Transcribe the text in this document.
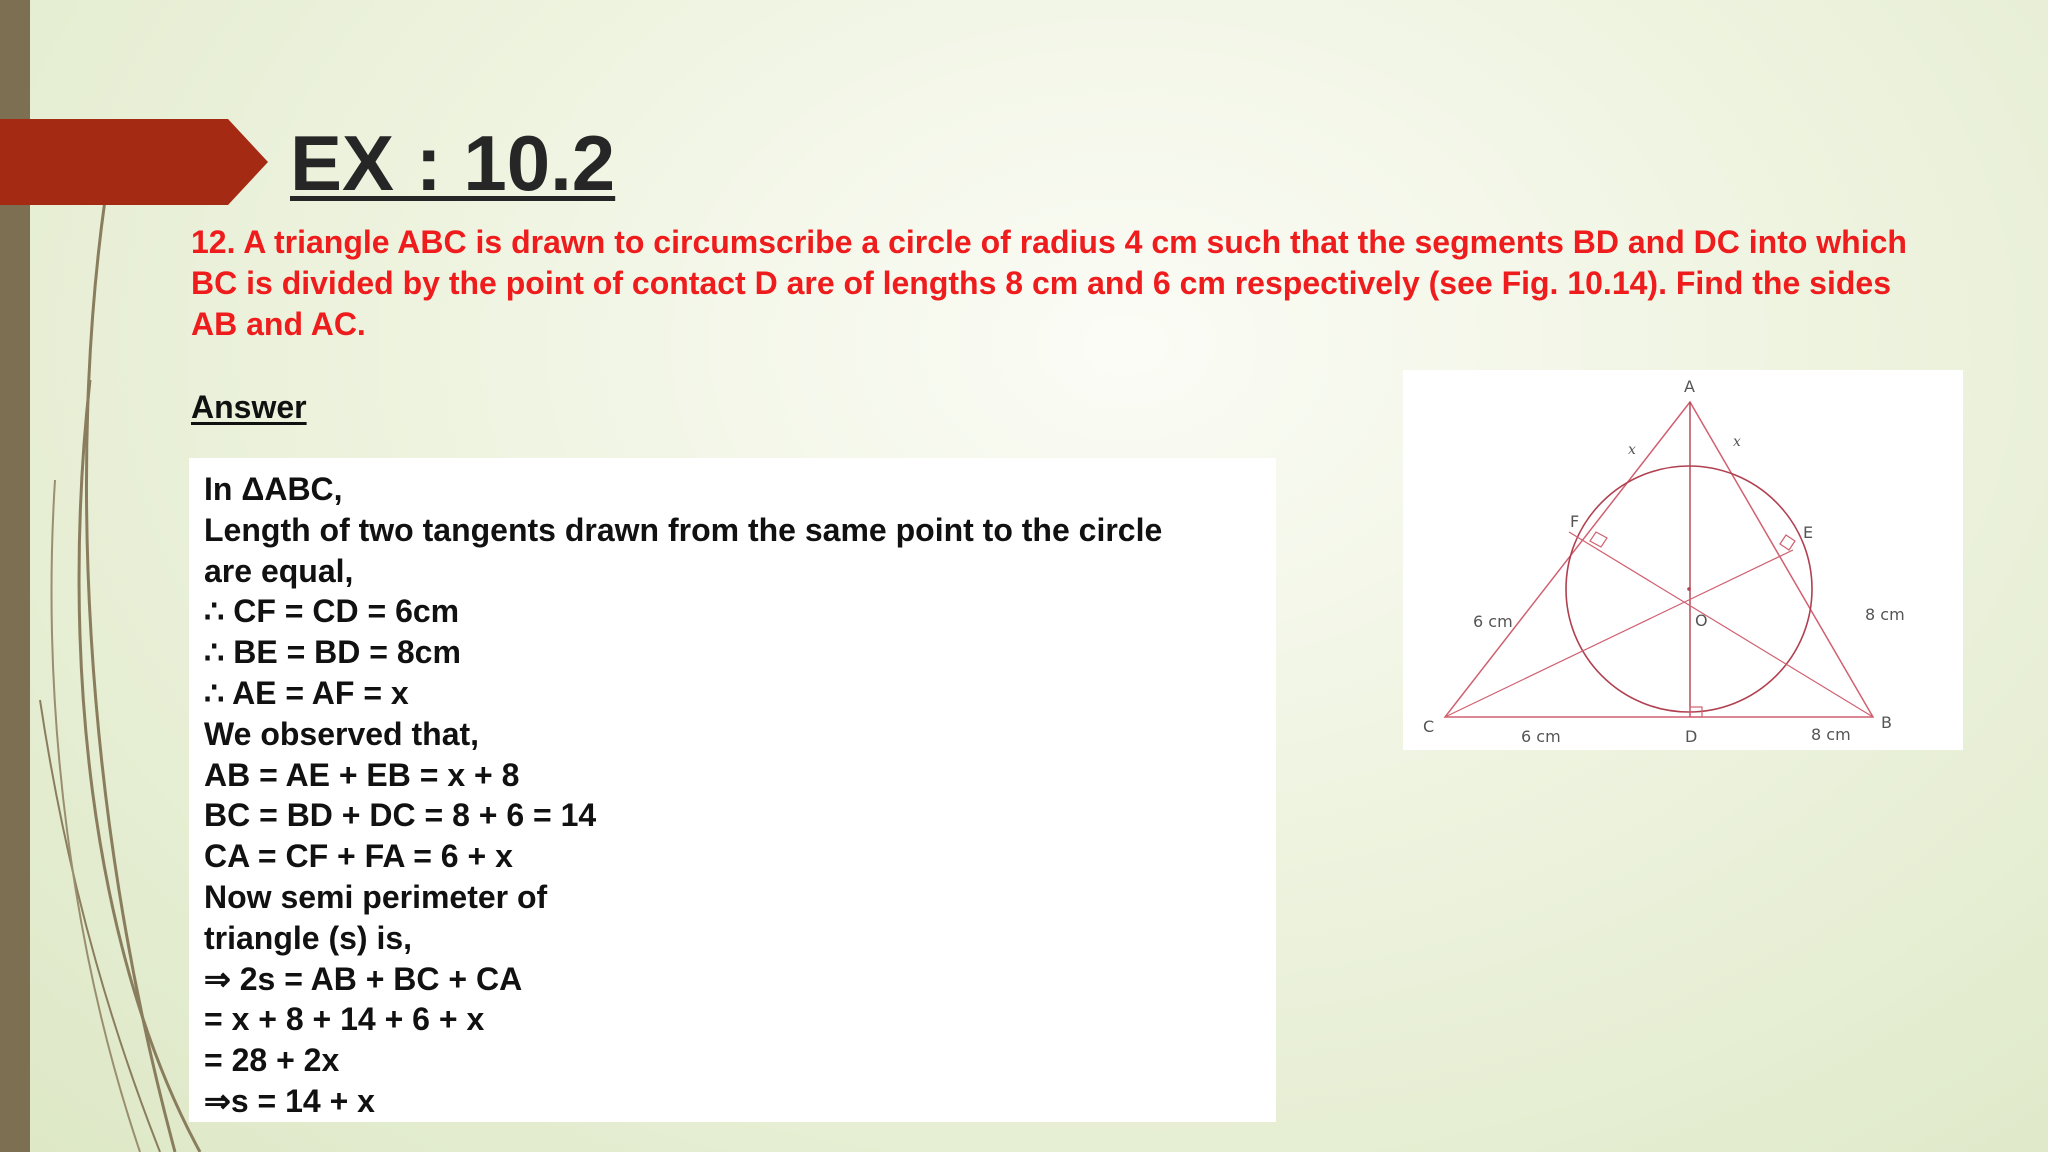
EX : 10.2

12. A triangle ABC is drawn to circumscribe a circle of radius 4 cm such that the segments BD and DC into which BC is divided by the point of contact D are of lengths 8 cm and 6 cm respectively (see Fig. 10.14). Find the sides AB and AC.

Answer

In ΔABC,
Length of two tangents drawn from the same point to the circle
are equal,
∴ CF = CD = 6cm
∴ BE = BD = 8cm
∴ AE = AF = x
We observed that,
AB = AE + EB = x + 8
BC = BD + DC = 8 + 6 = 14
CA = CF + FA = 6 + x
Now semi perimeter of
triangle (s) is,
⇒ 2s = AB + BC + CA
= x + 8 + 14 + 6 + x
= 28 + 2x
⇒s = 14 + x
A
B
C
D
E
F
O
6 cm
6 cm
8 cm
8 cm
x	x
